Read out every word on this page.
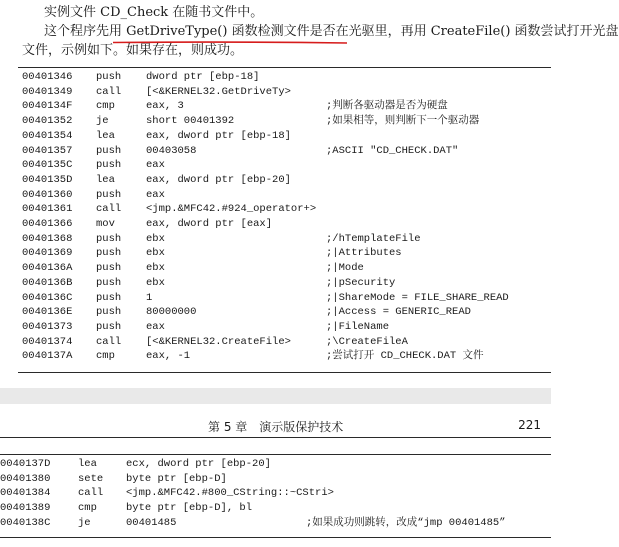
实例文件 CD_Check 在随书文件中。
这个程序先用 GetDriveType() 函数检测文件是否在光驱里，再用 CreateFile() 函数尝试打开光盘
文件，示例如下。如果存在，则成功。
00401346 push dword ptr [ebp-18]
00401349 call [<&KERNEL32.GetDriveTy>
0040134F cmp	eax, 3	;判断各驱动器是否为硬盘
00401352 je	short 00401392	;如果相等，则判断下一个驱动器
00401354 lea	eax, dword ptr [ebp-18]
00401357 push 00403058	;ASCII "CD_CHECK.DAT"
0040135C push eax
0040135D lea	eax, dword ptr [ebp-20]
00401360 push eax
00401361 call <jmp.&MFC42.#924_operator+>
00401366 mov	eax, dword ptr [eax]
00401368 push ebx	;/hTemplateFile
00401369 push ebx	;|Attributes
0040136A push ebx	;|Mode
0040136B push ebx	;|pSecurity
0040136C push 1	;|ShareMode = FILE_SHARE_READ
0040136E push 80000000	;|Access = GENERIC_READ
00401373 push eax	;|FileName
00401374 call [<&KERNEL32.CreateFile>	;\CreateFileA
0040137A cmp	eax, -1	;尝试打开 CD_CHECK.DAT 文件
第 5 章　演示版保护技术	221
0040137D	lea	ecx, dword ptr [ebp-20]
00401380	sete byte ptr [ebp-D]
00401384	call <jmp.&MFC42.#800_CString::~CStri>
00401389	cmp	byte ptr [ebp-D], bl
0040138C	je	00401485	;如果成功则跳转，改成“jmp 00401485”
